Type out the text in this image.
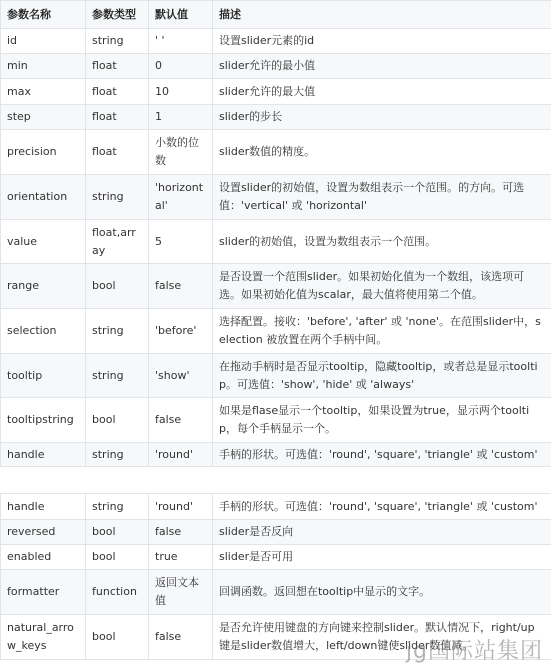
参数名称	参数类型	默认值	描述
id	string	' '	设置slider元素的id
min	float	0	slider允许的最小值
max	float	10	slider允许的最大值
step	float	1	slider的步长
precision	float	小数的位数	slider数值的精度。
orientation	string	'horizontal'	设置slider的初始值，设置为数组表示一个范围。的方向。可选值：'vertical' 或 'horizontal'
value	float,array	5	slider的初始值，设置为数组表示一个范围。
range	bool	false	是否设置一个范围slider。如果初始化值为一个数组，该选项可选。如果初始化值为scalar，最大值将使用第二个值。
selection	string	'before'	选择配置。接收：'before', 'after' 或 'none'。在范围slider中，selection 被放置在两个手柄中间。
tooltip	string	'show'	在拖动手柄时是否显示tooltip，隐藏tooltip，或者总是显示tooltip。可选值：'show', 'hide' 或 'always'
tooltipstring	bool	false	如果是flase显示一个tooltip，如果设置为true，显示两个tooltip，每个手柄显示一个。
handle	string	'round'	手柄的形状。可选值：'round', 'square', 'triangle' 或 'custom'
handle	string	'round'	手柄的形状。可选值：'round', 'square', 'triangle' 或 'custom'
reversed	bool	false	slider是否反向
enabled	bool	true	slider是否可用
formatter	function	返回文本值	回调函数。返回想在tooltip中显示的文字。
natural_arrow_keys	bool	false	是否允许使用键盘的方向键来控制slider。默认情况下，right/up键是slider数值增大，left/down键使slider数值减。
jg国际站集团
